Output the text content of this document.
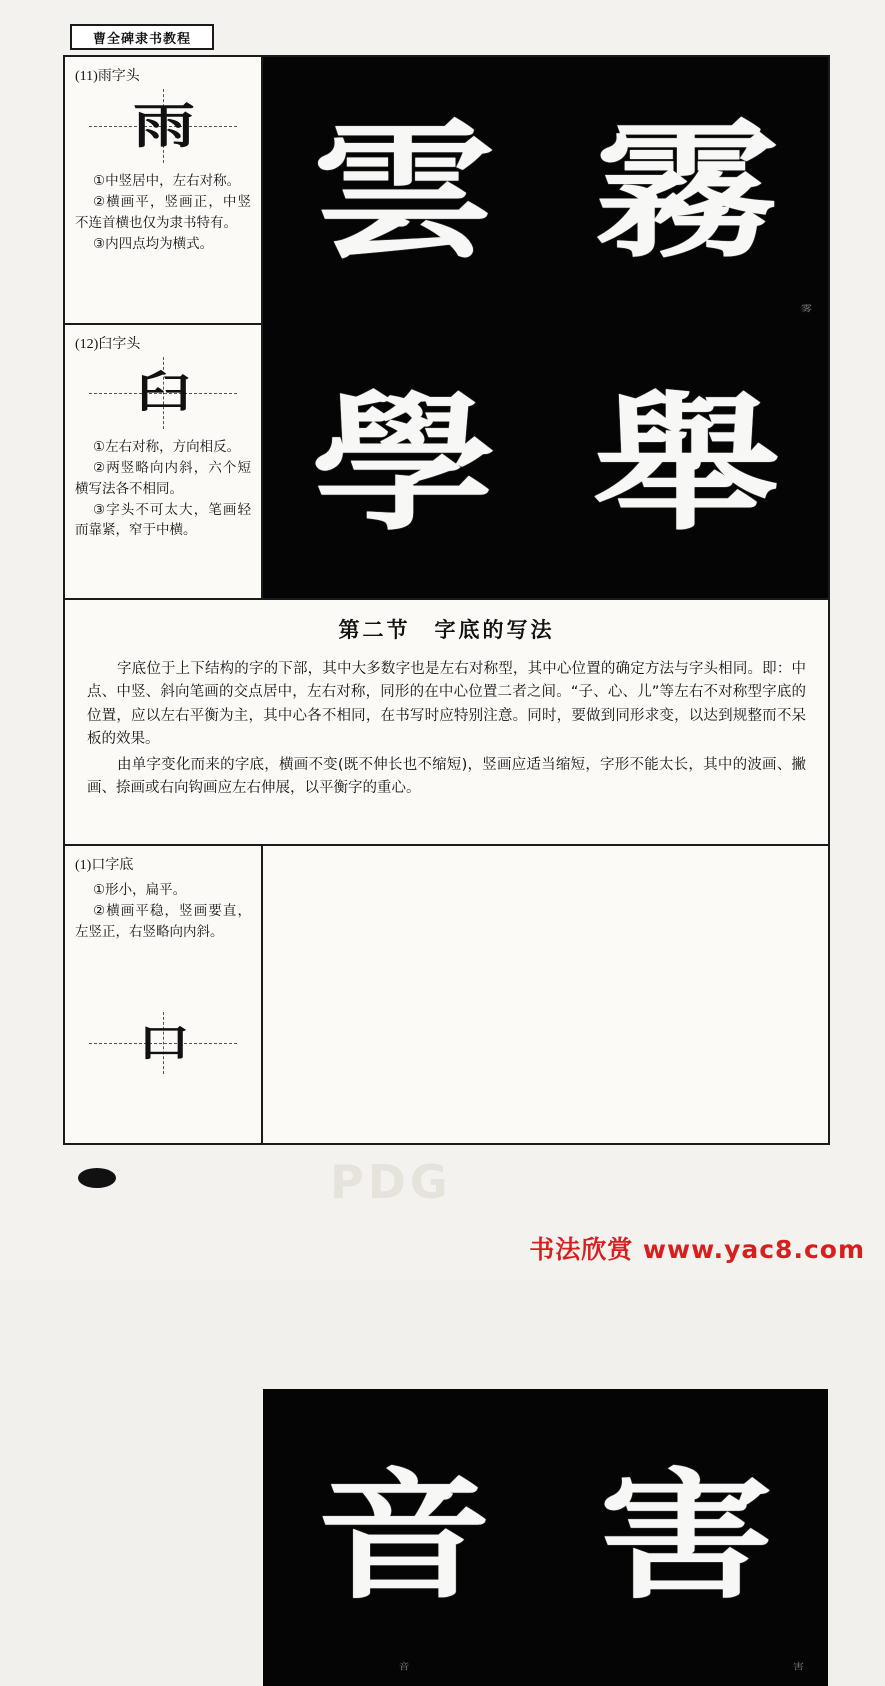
曹全碑隶书教程
(11)雨字头
雨

①中竖居中，左右对称。

②横画平，竖画正，中竖不连首横也仅为隶书特有。

③内四点均为横式。

(12)臼字头
臼

①左右对称，方向相反。

②两竖略向内斜，六个短横写法各不相同。

③字头不可太大，笔画轻而靠紧，窄于中横。

雲 霧
雾
學 舉
第二节　字底的写法

字底位于上下结构的字的下部，其中大多数字也是左右对称型，其中心位置的确定方法与字头相同。即：中点、中竖、斜向笔画的交点居中，左右对称，同形的在中心位置二者之间。“子、心、儿”等左右不对称型字底的位置，应以左右平衡为主，其中心各不相同，在书写时应特别注意。同时，要做到同形求变，以达到规整而不呆板的效果。

由单字变化而来的字底，横画不变(既不伸长也不缩短)，竖画应适当缩短，字形不能太长，其中的波画、撇画、捺画或右向钩画应左右伸展，以平衡字的重心。

(1)口字底

①形小，扁平。

②横画平稳，竖画要直，左竖正，右竖略向内斜。

口
音
音
害
害
PDG
书法欣赏 www.yac8.com
